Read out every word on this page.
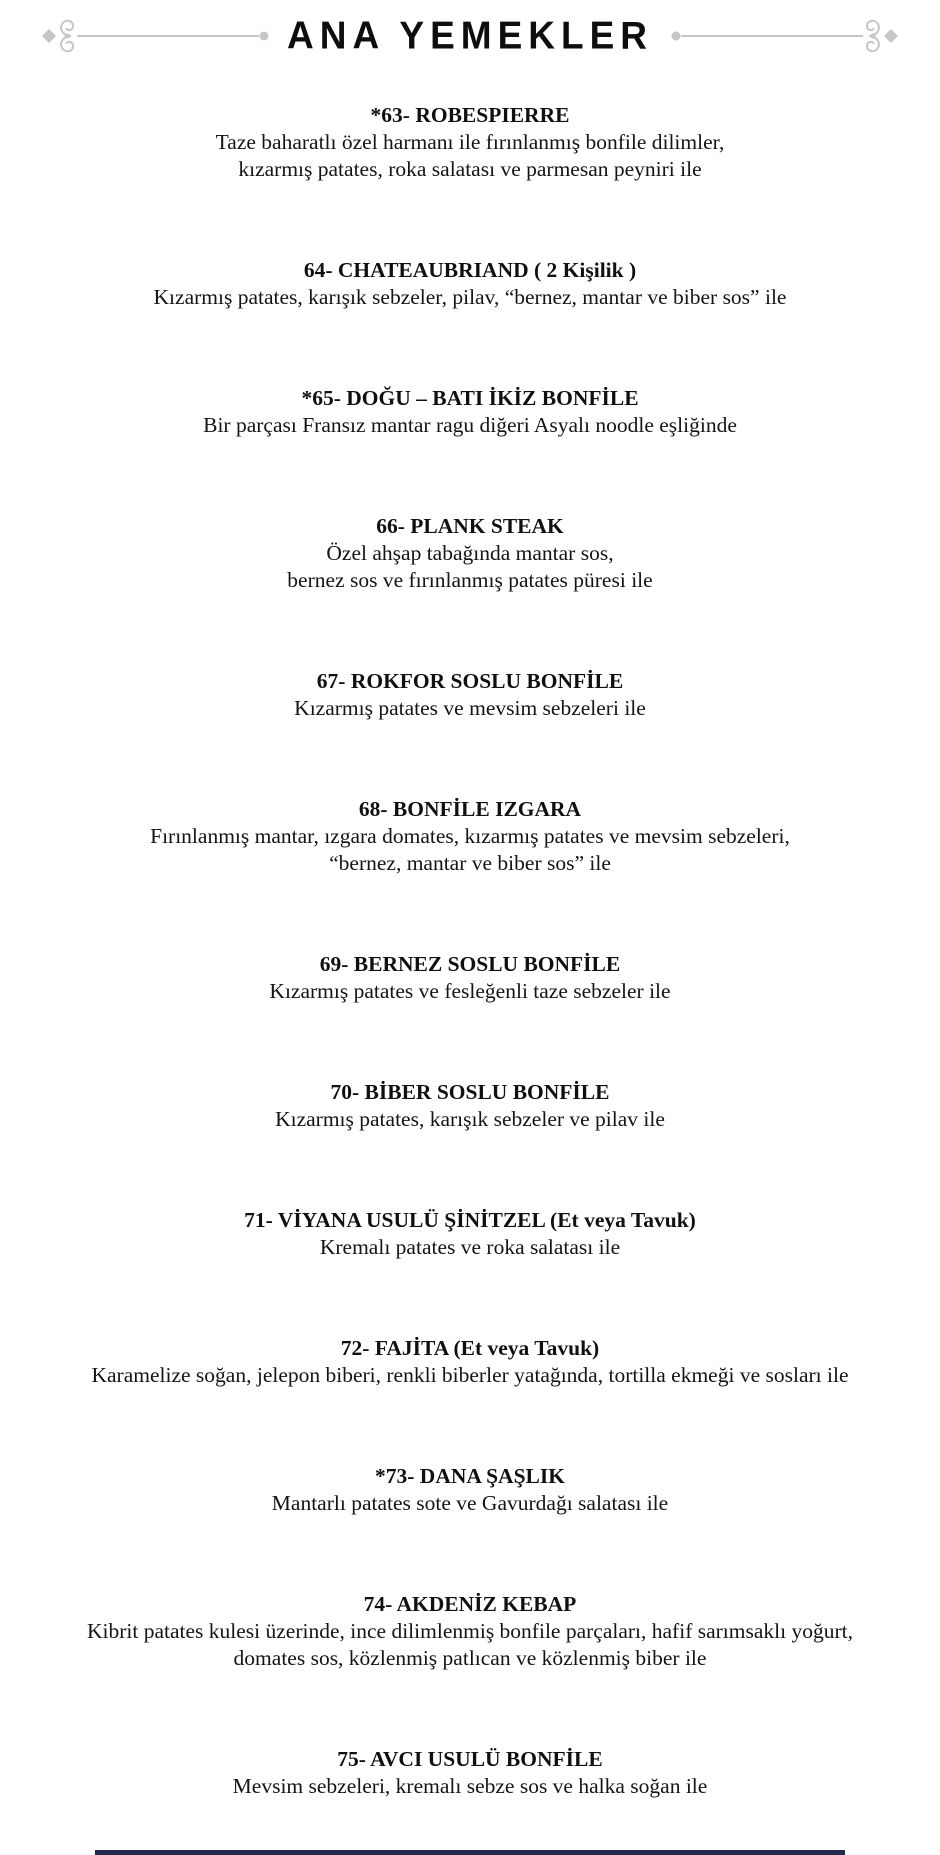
ANA YEMEKLER
*63- ROBESPIERRE
Taze baharatlı özel harmanı ile fırınlanmış bonfile dilimler,
kızarmış patates, roka salatası ve parmesan peyniri ile
64- CHATEAUBRIAND ( 2 Kişilik )
Kızarmış patates, karışık sebzeler, pilav, “bernez, mantar ve biber sos” ile
*65- DOĞU – BATI İKİZ BONFİLE
Bir parçası Fransız mantar ragu diğeri Asyalı noodle eşliğinde
66- PLANK STEAK
Özel ahşap tabağında mantar sos,
bernez sos ve fırınlanmış patates püresi ile
67- ROKFOR SOSLU BONFİLE
Kızarmış patates ve mevsim sebzeleri ile
68- BONFİLE IZGARA
Fırınlanmış mantar, ızgara domates, kızarmış patates ve mevsim sebzeleri,
“bernez, mantar ve biber sos” ile
69- BERNEZ SOSLU BONFİLE
Kızarmış patates ve fesleğenli taze sebzeler ile
70- BİBER SOSLU BONFİLE
Kızarmış patates, karışık sebzeler ve pilav ile
71- VİYANA USULÜ ŞİNİTZEL (Et veya Tavuk)
Kremalı patates ve roka salatası ile
72- FAJİTA (Et veya Tavuk)
Karamelize soğan, jelepon biberi, renkli biberler yatağında, tortilla ekmeği ve sosları ile
*73- DANA ŞAŞLIK
Mantarlı patates sote ve Gavurdağı salatası ile
74- AKDENİZ KEBAP
Kibrit patates kulesi üzerinde, ince dilimlenmiş bonfile parçaları, hafif sarımsaklı yoğurt,
domates sos, közlenmiş patlıcan ve közlenmiş biber ile
75- AVCI USULÜ BONFİLE
Mevsim sebzeleri, kremalı sebze sos ve halka soğan ile
